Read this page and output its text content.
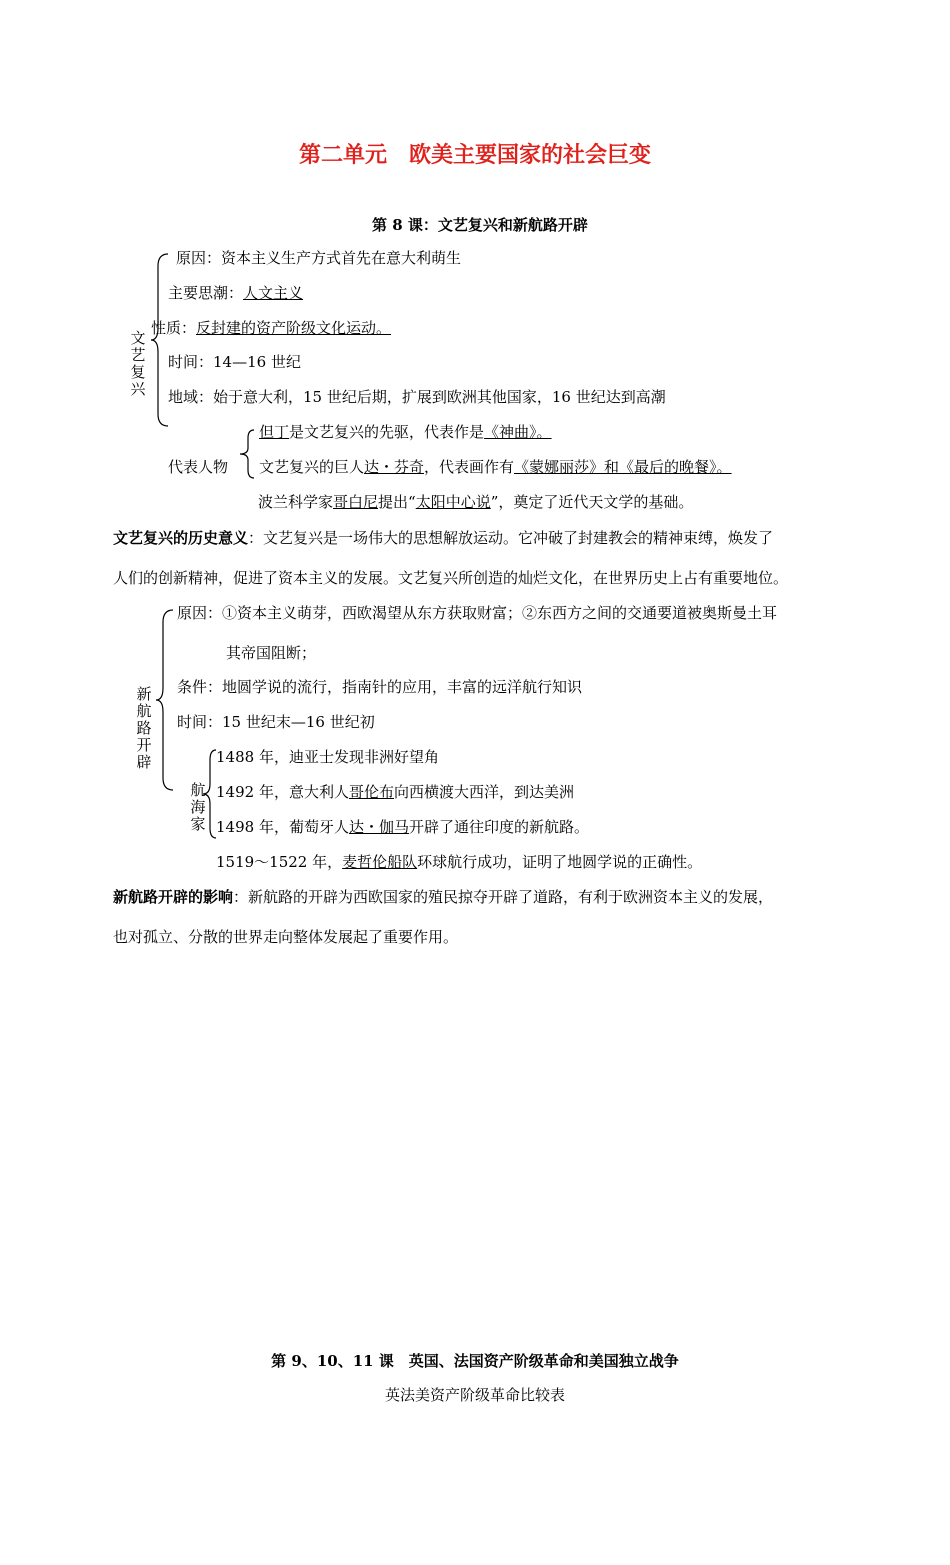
第二单元　欧美主要国家的社会巨变
第 8 课：文艺复兴和新航路开辟
文
艺
复
兴
原因：资本主义生产方式首先在意大利萌生
主要思潮：人文主义
性质：反封建的资产阶级文化运动。
时间：14—16 世纪
地域：始于意大利，15 世纪后期，扩展到欧洲其他国家，16 世纪达到高潮
代表人物
但丁是文艺复兴的先驱，代表作是《神曲》。
文艺复兴的巨人达・芬奇，代表画作有《蒙娜丽莎》和《最后的晚餐》。
波兰科学家哥白尼提出“太阳中心说”，奠定了近代天文学的基础。
文艺复兴的历史意义：文艺复兴是一场伟大的思想解放运动。它冲破了封建教会的精神束缚，焕发了
人们的创新精神，促进了资本主义的发展。文艺复兴所创造的灿烂文化，在世界历史上占有重要地位。
新
航
路
开
辟
原因：①资本主义萌芽，西欧渴望从东方获取财富；②东西方之间的交通要道被奥斯曼土耳
其帝国阻断；
条件：地圆学说的流行，指南针的应用，丰富的远洋航行知识
时间：15 世纪末—16 世纪初
航
海
家
1488 年，迪亚士发现非洲好望角
1492 年，意大利人哥伦布向西横渡大西洋，到达美洲
1498 年，葡萄牙人达・伽马开辟了通往印度的新航路。
1519～1522 年，麦哲伦船队环球航行成功，证明了地圆学说的正确性。
新航路开辟的影响：新航路的开辟为西欧国家的殖民掠夺开辟了道路，有利于欧洲资本主义的发展，
也对孤立、分散的世界走向整体发展起了重要作用。
第 9、10、11 课　英国、法国资产阶级革命和美国独立战争
英法美资产阶级革命比较表
